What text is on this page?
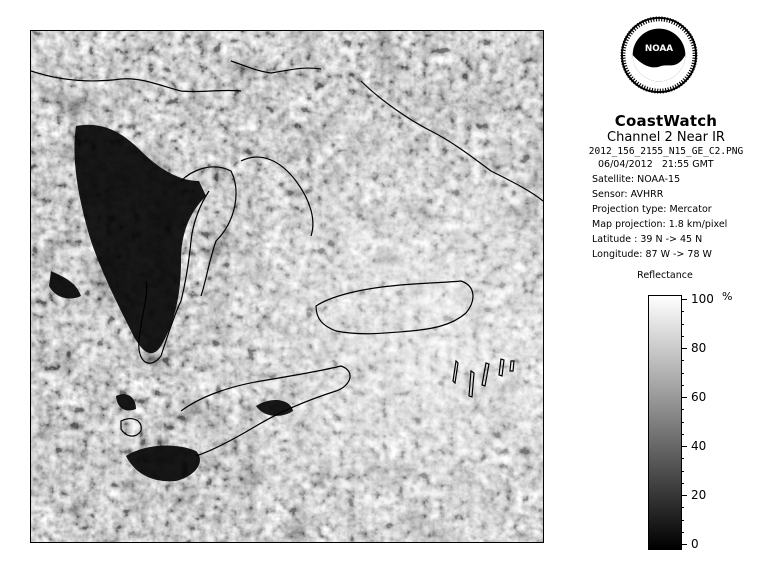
NOAA
CoastWatch
Channel 2 Near IR
2012_156_2155_N15_GE_C2.PNG
06/04/2012 21:55 GMT
Satellite: NOAA-15
Sensor: AVHRR
Projection type: Mercator
Map projection: 1.8 km/pixel
Latitude : 39 N -> 45 N
Longitude: 87 W -> 78 W
Reflectance
%
100
80
60
40
20
0
